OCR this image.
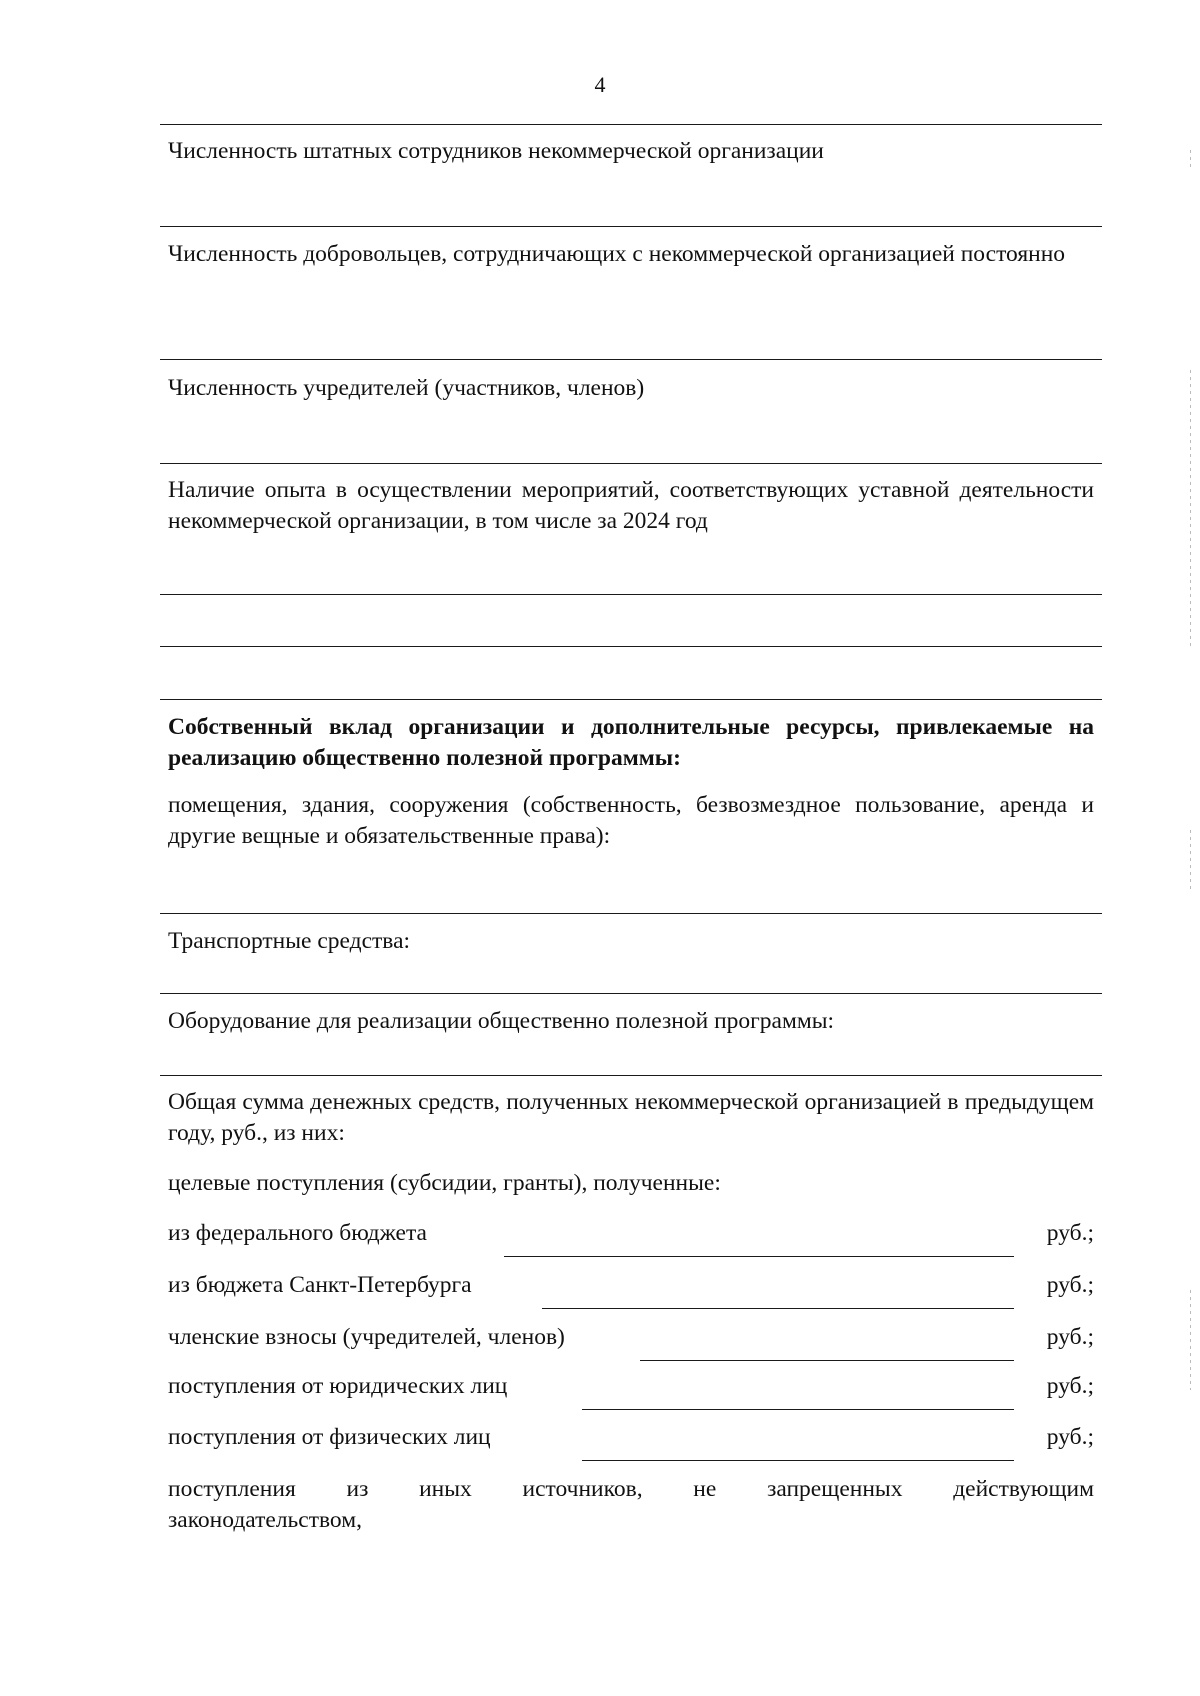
4
Численность штатных сотрудников некоммерческой организации
Численность добровольцев, сотрудничающих с некоммерческой организацией постоянно
Численность учредителей (участников, членов)
Наличие опыта в осуществлении мероприятий, соответствующих уставной деятельности некоммерческой организации, в том числе за 2024 год
Собственный вклад организации и дополнительные ресурсы, привлекаемые на реализацию общественно полезной программы:
помещения, здания, сооружения (собственность, безвозмездное пользование, аренда и другие вещные и обязательственные права):
Транспортные средства:
Оборудование для реализации общественно полезной программы:
Общая сумма денежных средств, полученных некоммерческой организацией в предыдущем году, руб., из них:
целевые поступления (субсидии, гранты), полученные:
из федерального бюджета	руб.;
из бюджета Санкт-Петербурга	руб.;
членские взносы (учредителей, членов)	руб.;
поступления от юридических лиц	руб.;
поступления от физических лиц	руб.;
поступления из иных источников, не запрещенных действующим
законодательством,
